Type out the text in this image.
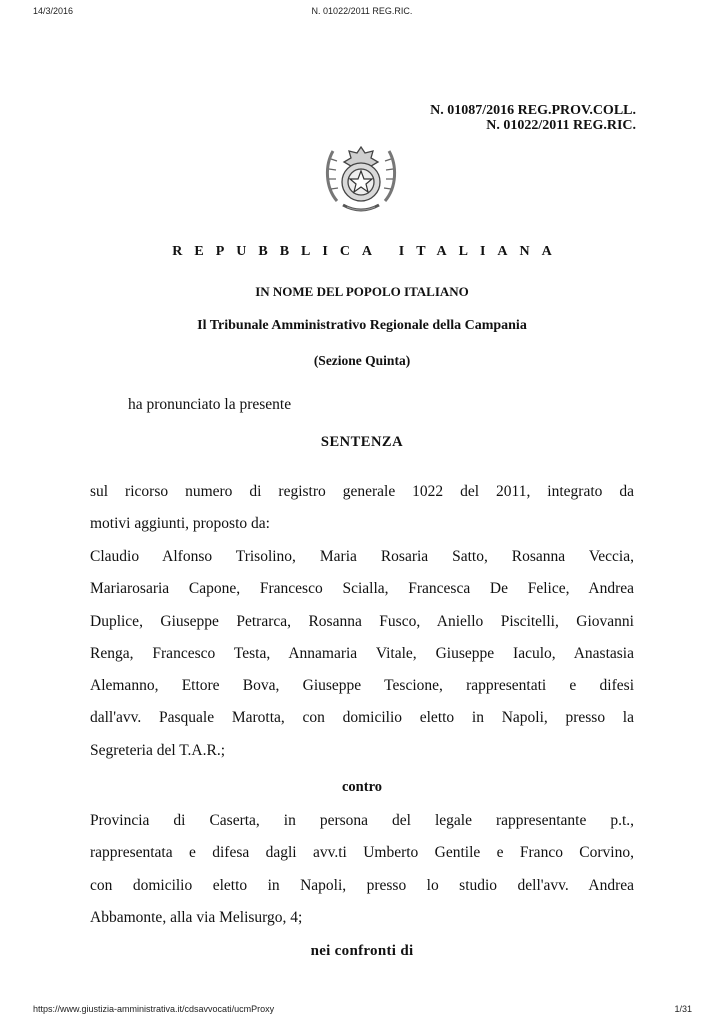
14/3/2016	N. 01022/2011 REG.RIC.
N. 01087/2016 REG.PROV.COLL.
N. 01022/2011 REG.RIC.
REPUBBLICA ITALIANA
IN NOME DEL POPOLO ITALIANO
Il Tribunale Amministrativo Regionale della Campania
(Sezione Quinta)
ha pronunciato la presente
SENTENZA
sul ricorso numero di registro generale 1022 del 2011, integrato da
motivi aggiunti, proposto da:
Claudio Alfonso Trisolino, Maria Rosaria Satto, Rosanna Veccia,
Mariarosaria Capone, Francesco Scialla, Francesca De Felice, Andrea
Duplice, Giuseppe Petrarca, Rosanna Fusco, Aniello Piscitelli, Giovanni
Renga, Francesco Testa, Annamaria Vitale, Giuseppe Iaculo, Anastasia
Alemanno, Ettore Bova, Giuseppe Tescione, rappresentati e difesi
dall'avv. Pasquale Marotta, con domicilio eletto in Napoli, presso la
Segreteria del T.A.R.;
contro
Provincia di Caserta, in persona del legale rappresentante p.t.,
rappresentata e difesa dagli avv.ti Umberto Gentile e Franco Corvino,
con domicilio eletto in Napoli, presso lo studio dell'avv. Andrea
Abbamonte, alla via Melisurgo, 4;
nei confronti di
https://www.giustizia-amministrativa.it/cdsavvocati/ucmProxy	1/31
